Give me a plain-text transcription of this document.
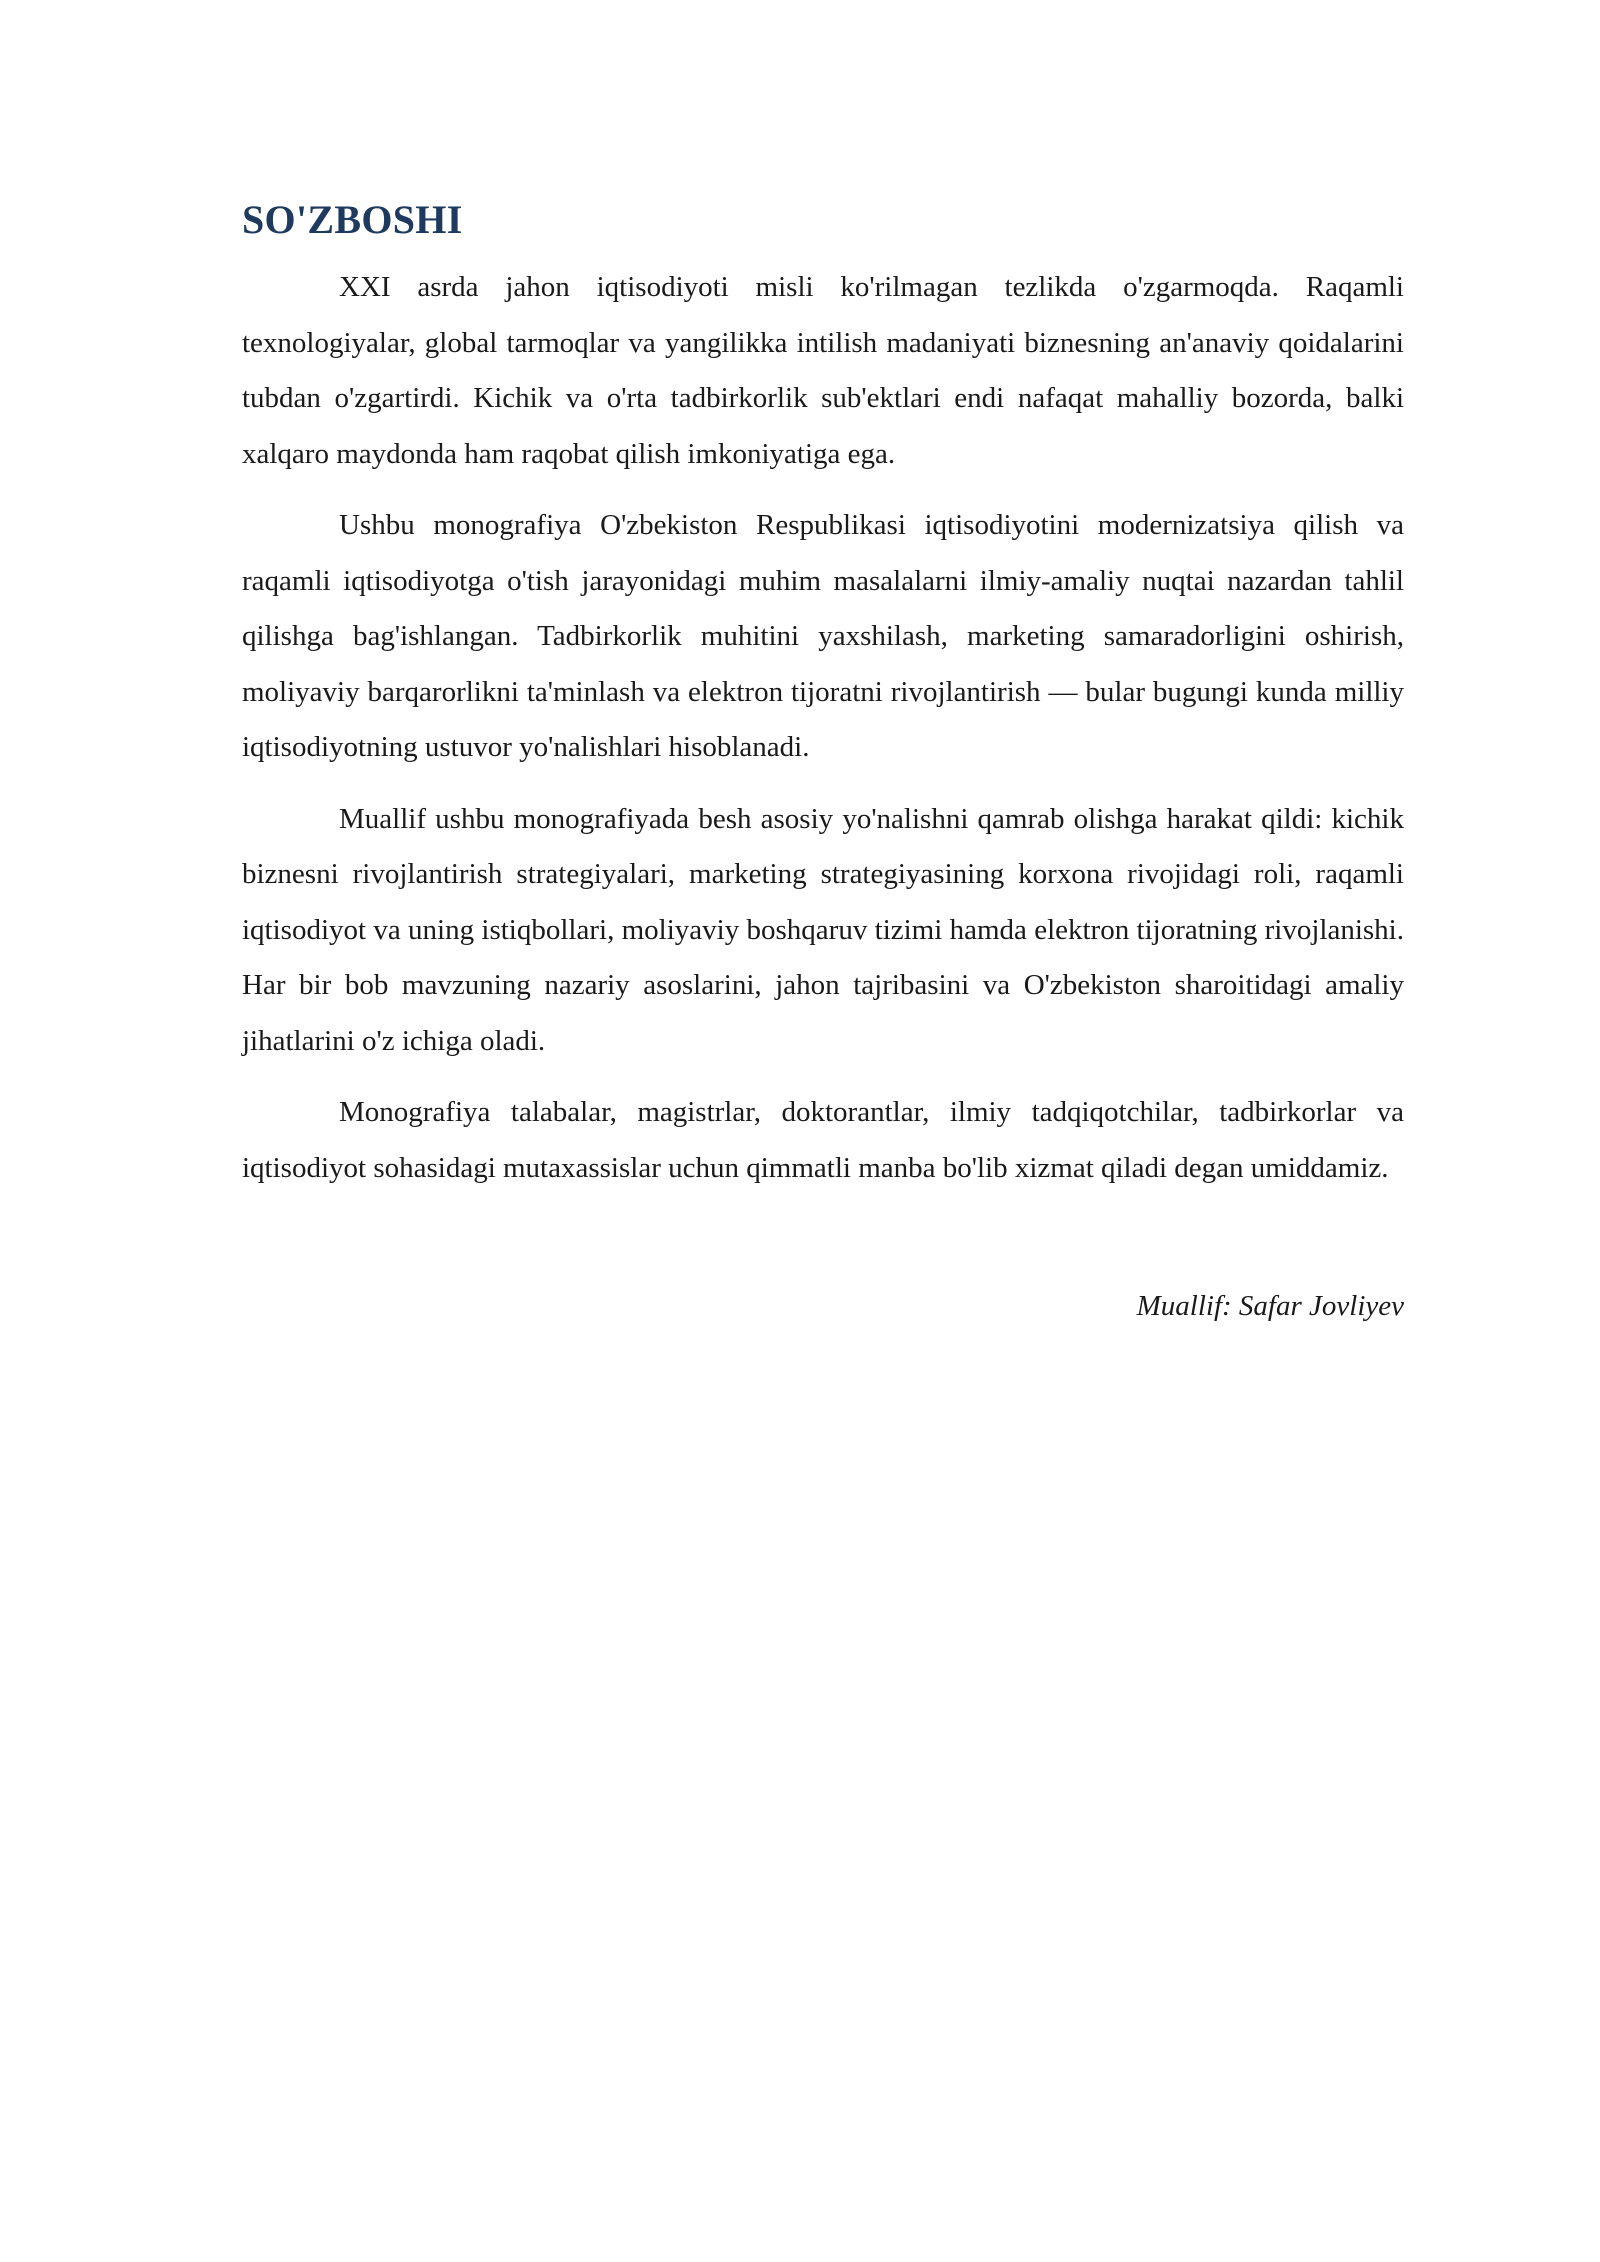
SO'ZBOSHI

XXI asrda jahon iqtisodiyoti misli ko'rilmagan tezlikda o'zgarmoqda. Raqamli texnologiyalar, global tarmoqlar va yangilikka intilish madaniyati biznesning an'anaviy qoidalarini tubdan o'zgartirdi. Kichik va o'rta tadbirkorlik sub'ektlari endi nafaqat mahalliy bozorda, balki xalqaro maydonda ham raqobat qilish imkoniyatiga ega.

Ushbu monografiya O'zbekiston Respublikasi iqtisodiyotini modernizatsiya qilish va raqamli iqtisodiyotga o'tish jarayonidagi muhim masalalarni ilmiy-amaliy nuqtai nazardan tahlil qilishga bag'ishlangan. Tadbirkorlik muhitini yaxshilash, marketing samaradorligini oshirish, moliyaviy barqarorlikni ta'minlash va elektron tijoratni rivojlantirish — bular bugungi kunda milliy iqtisodiyotning ustuvor yo'nalishlari hisoblanadi.

Muallif ushbu monografiyada besh asosiy yo'nalishni qamrab olishga harakat qildi: kichik biznesni rivojlantirish strategiyalari, marketing strategiyasining korxona rivojidagi roli, raqamli iqtisodiyot va uning istiqbollari, moliyaviy boshqaruv tizimi hamda elektron tijoratning rivojlanishi. Har bir bob mavzuning nazariy asoslarini, jahon tajribasini va O'zbekiston sharoitidagi amaliy jihatlarini o'z ichiga oladi.

Monografiya talabalar, magistrlar, doktorantlar, ilmiy tadqiqotchilar, tadbirkorlar va iqtisodiyot sohasidagi mutaxassislar uchun qimmatli manba bo'lib xizmat qiladi degan umiddamiz.

Muallif: Safar Jovliyev
